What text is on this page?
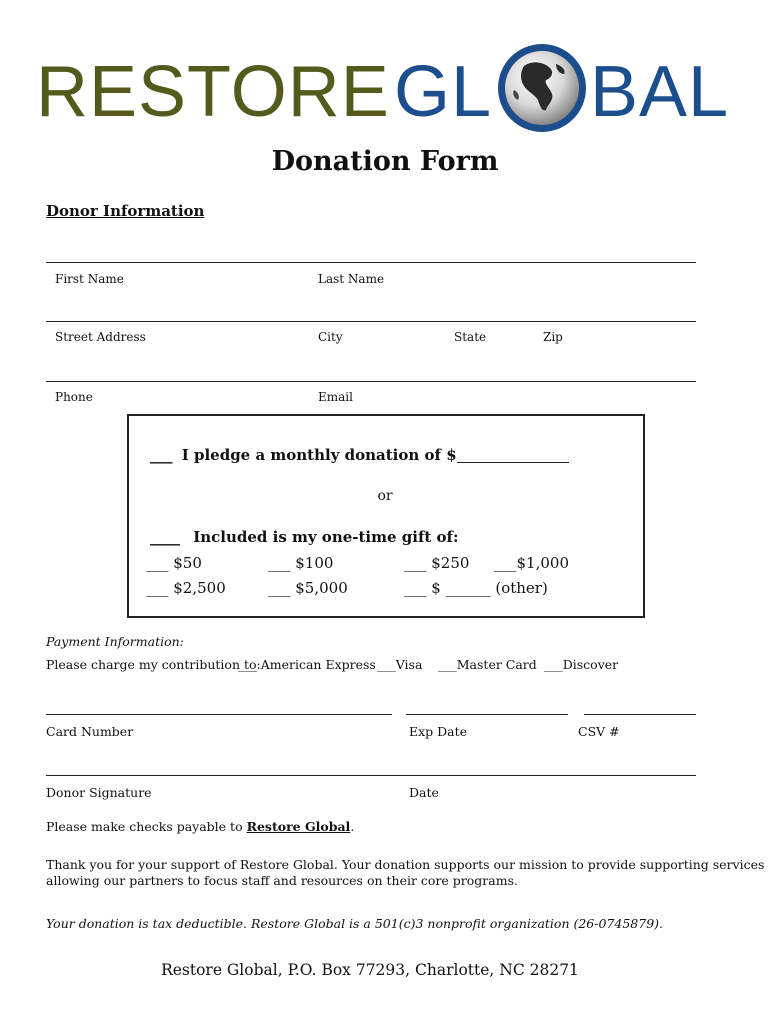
RESTORE GL BAL
Donation Form
Donor Information
First Name	Last Name
Street Address	City	State	Zip
Phone	Email
___ I pledge a monthly donation of $
or
____ Included is my one-time gift of:
___ $50	___ $100	___ $250 ___$1,000
___ $2,500	___ $5,000	___ $ ______ (other)
Payment Information:
Please charge my contribution to:
___ American Express ___Visa ___Master Card ___Discover
Card Number	Exp Date	CSV #
Donor Signature	Date
Please make checks payable to Restore Global.
Thank you for your support of Restore Global. Your donation supports our mission to provide supporting services
allowing our partners to focus staff and resources on their core programs.
Your donation is tax deductible. Restore Global is a 501(c)3 nonprofit organization (26-0745879).
Restore Global, P.O. Box 77293, Charlotte, NC 28271
